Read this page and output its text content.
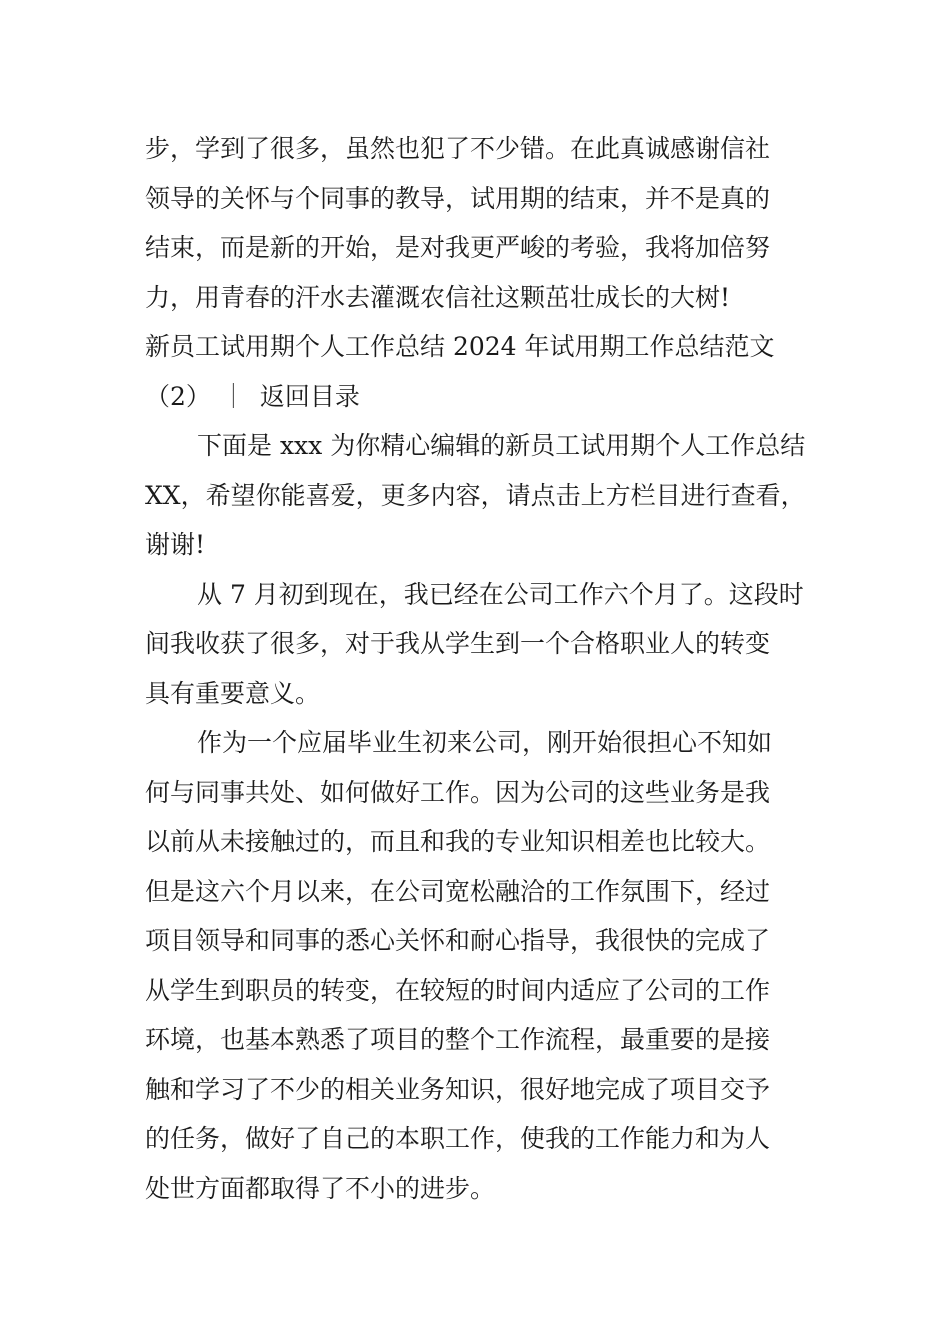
步，学到了很多，虽然也犯了不少错。在此真诚感谢信社
领导的关怀与个同事的教导，试用期的结束，并不是真的
结束，而是新的开始，是对我更严峻的考验，我将加倍努
力，用青春的汗水去灌溉农信社这颗茁壮成长的大树!
新员工试用期个人工作总结 2024 年试用期工作总结范文
（2） ｜ 返回目录
下面是 xxx 为你精心编辑的新员工试用期个人工作总结
XX，希望你能喜爱，更多内容，请点击上方栏目进行查看，
谢谢!
从 7 月初到现在，我已经在公司工作六个月了。这段时
间我收获了很多，对于我从学生到一个合格职业人的转变
具有重要意义。
作为一个应届毕业生初来公司，刚开始很担心不知如
何与同事共处、如何做好工作。因为公司的这些业务是我
以前从未接触过的，而且和我的专业知识相差也比较大。
但是这六个月以来，在公司宽松融洽的工作氛围下，经过
项目领导和同事的悉心关怀和耐心指导，我很快的完成了
从学生到职员的转变，在较短的时间内适应了公司的工作
环境，也基本熟悉了项目的整个工作流程，最重要的是接
触和学习了不少的相关业务知识，很好地完成了项目交予
的任务，做好了自己的本职工作，使我的工作能力和为人
处世方面都取得了不小的进步。
